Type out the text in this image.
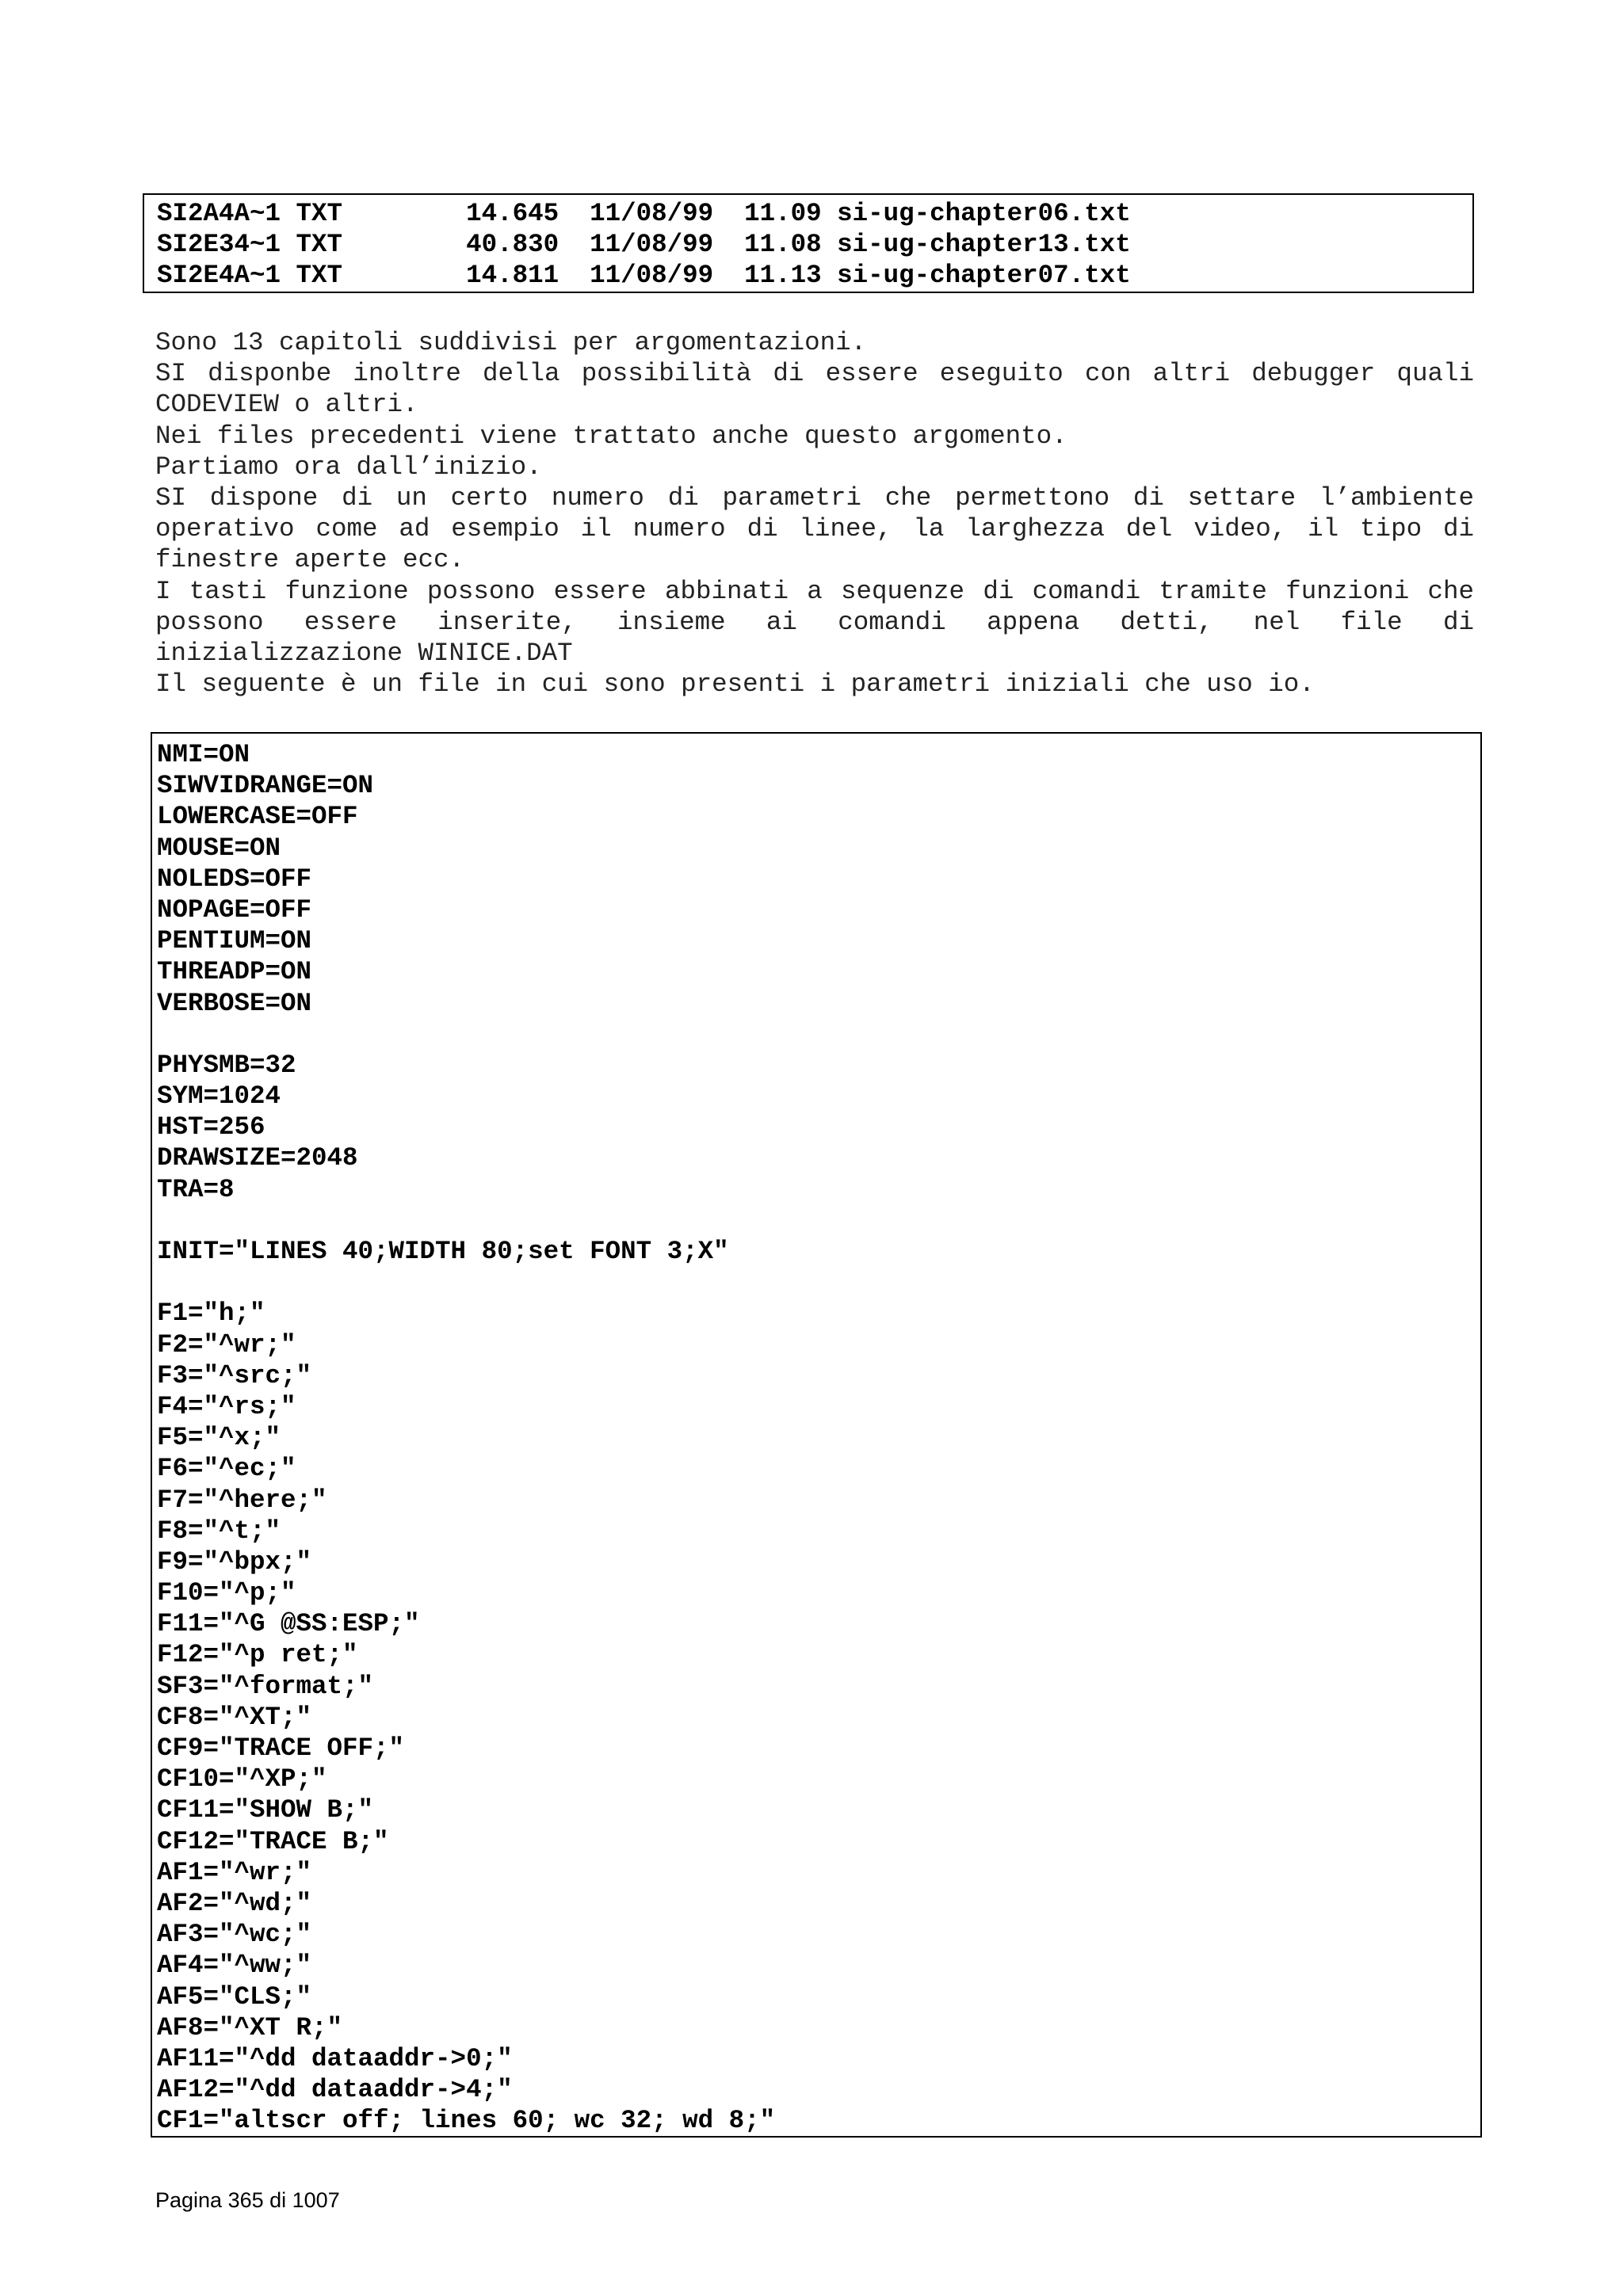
SI2A4A~1 TXT        14.645  11/08/99  11.09 si-ug-chapter06.txt
SI2E34~1 TXT        40.830  11/08/99  11.08 si-ug-chapter13.txt
SI2E4A~1 TXT        14.811  11/08/99  11.13 si-ug-chapter07.txt

Sono 13 capitoli suddivisi per argomentazioni.

SI disponbe inoltre della possibilità di essere eseguito con altri debugger quali CODEVIEW o altri.

Nei files precedenti viene trattato anche questo argomento.

Partiamo ora dall’inizio.

SI dispone di un certo numero di parametri che permettono di settare l’ambiente operativo come ad esempio il numero di linee, la larghezza del video, il tipo di finestre aperte ecc.

I tasti funzione possono essere abbinati a sequenze di comandi tramite funzioni che possono essere inserite, insieme ai comandi appena detti, nel file di inizializzazione WINICE.DAT

Il seguente è un file in cui sono presenti i parametri iniziali che uso io.

NMI=ON
SIWVIDRANGE=ON
LOWERCASE=OFF
MOUSE=ON
NOLEDS=OFF
NOPAGE=OFF
PENTIUM=ON
THREADP=ON
VERBOSE=ON
PHYSMB=32
SYM=1024
HST=256
DRAWSIZE=2048
TRA=8
INIT="LINES 40;WIDTH 80;set FONT 3;X"
F1="h;"
F2="^wr;"
F3="^src;"
F4="^rs;"
F5="^x;"
F6="^ec;"
F7="^here;"
F8="^t;"
F9="^bpx;"
F10="^p;"
F11="^G @SS:ESP;"
F12="^p ret;"
SF3="^format;"
CF8="^XT;"
CF9="TRACE OFF;"
CF10="^XP;"
CF11="SHOW B;"
CF12="TRACE B;"
AF1="^wr;"
AF2="^wd;"
AF3="^wc;"
AF4="^ww;"
AF5="CLS;"
AF8="^XT R;"
AF11="^dd dataaddr->0;"
AF12="^dd dataaddr->4;"
CF1="altscr off; lines 60; wc 32; wd 8;"
Pagina 365 di 1007
